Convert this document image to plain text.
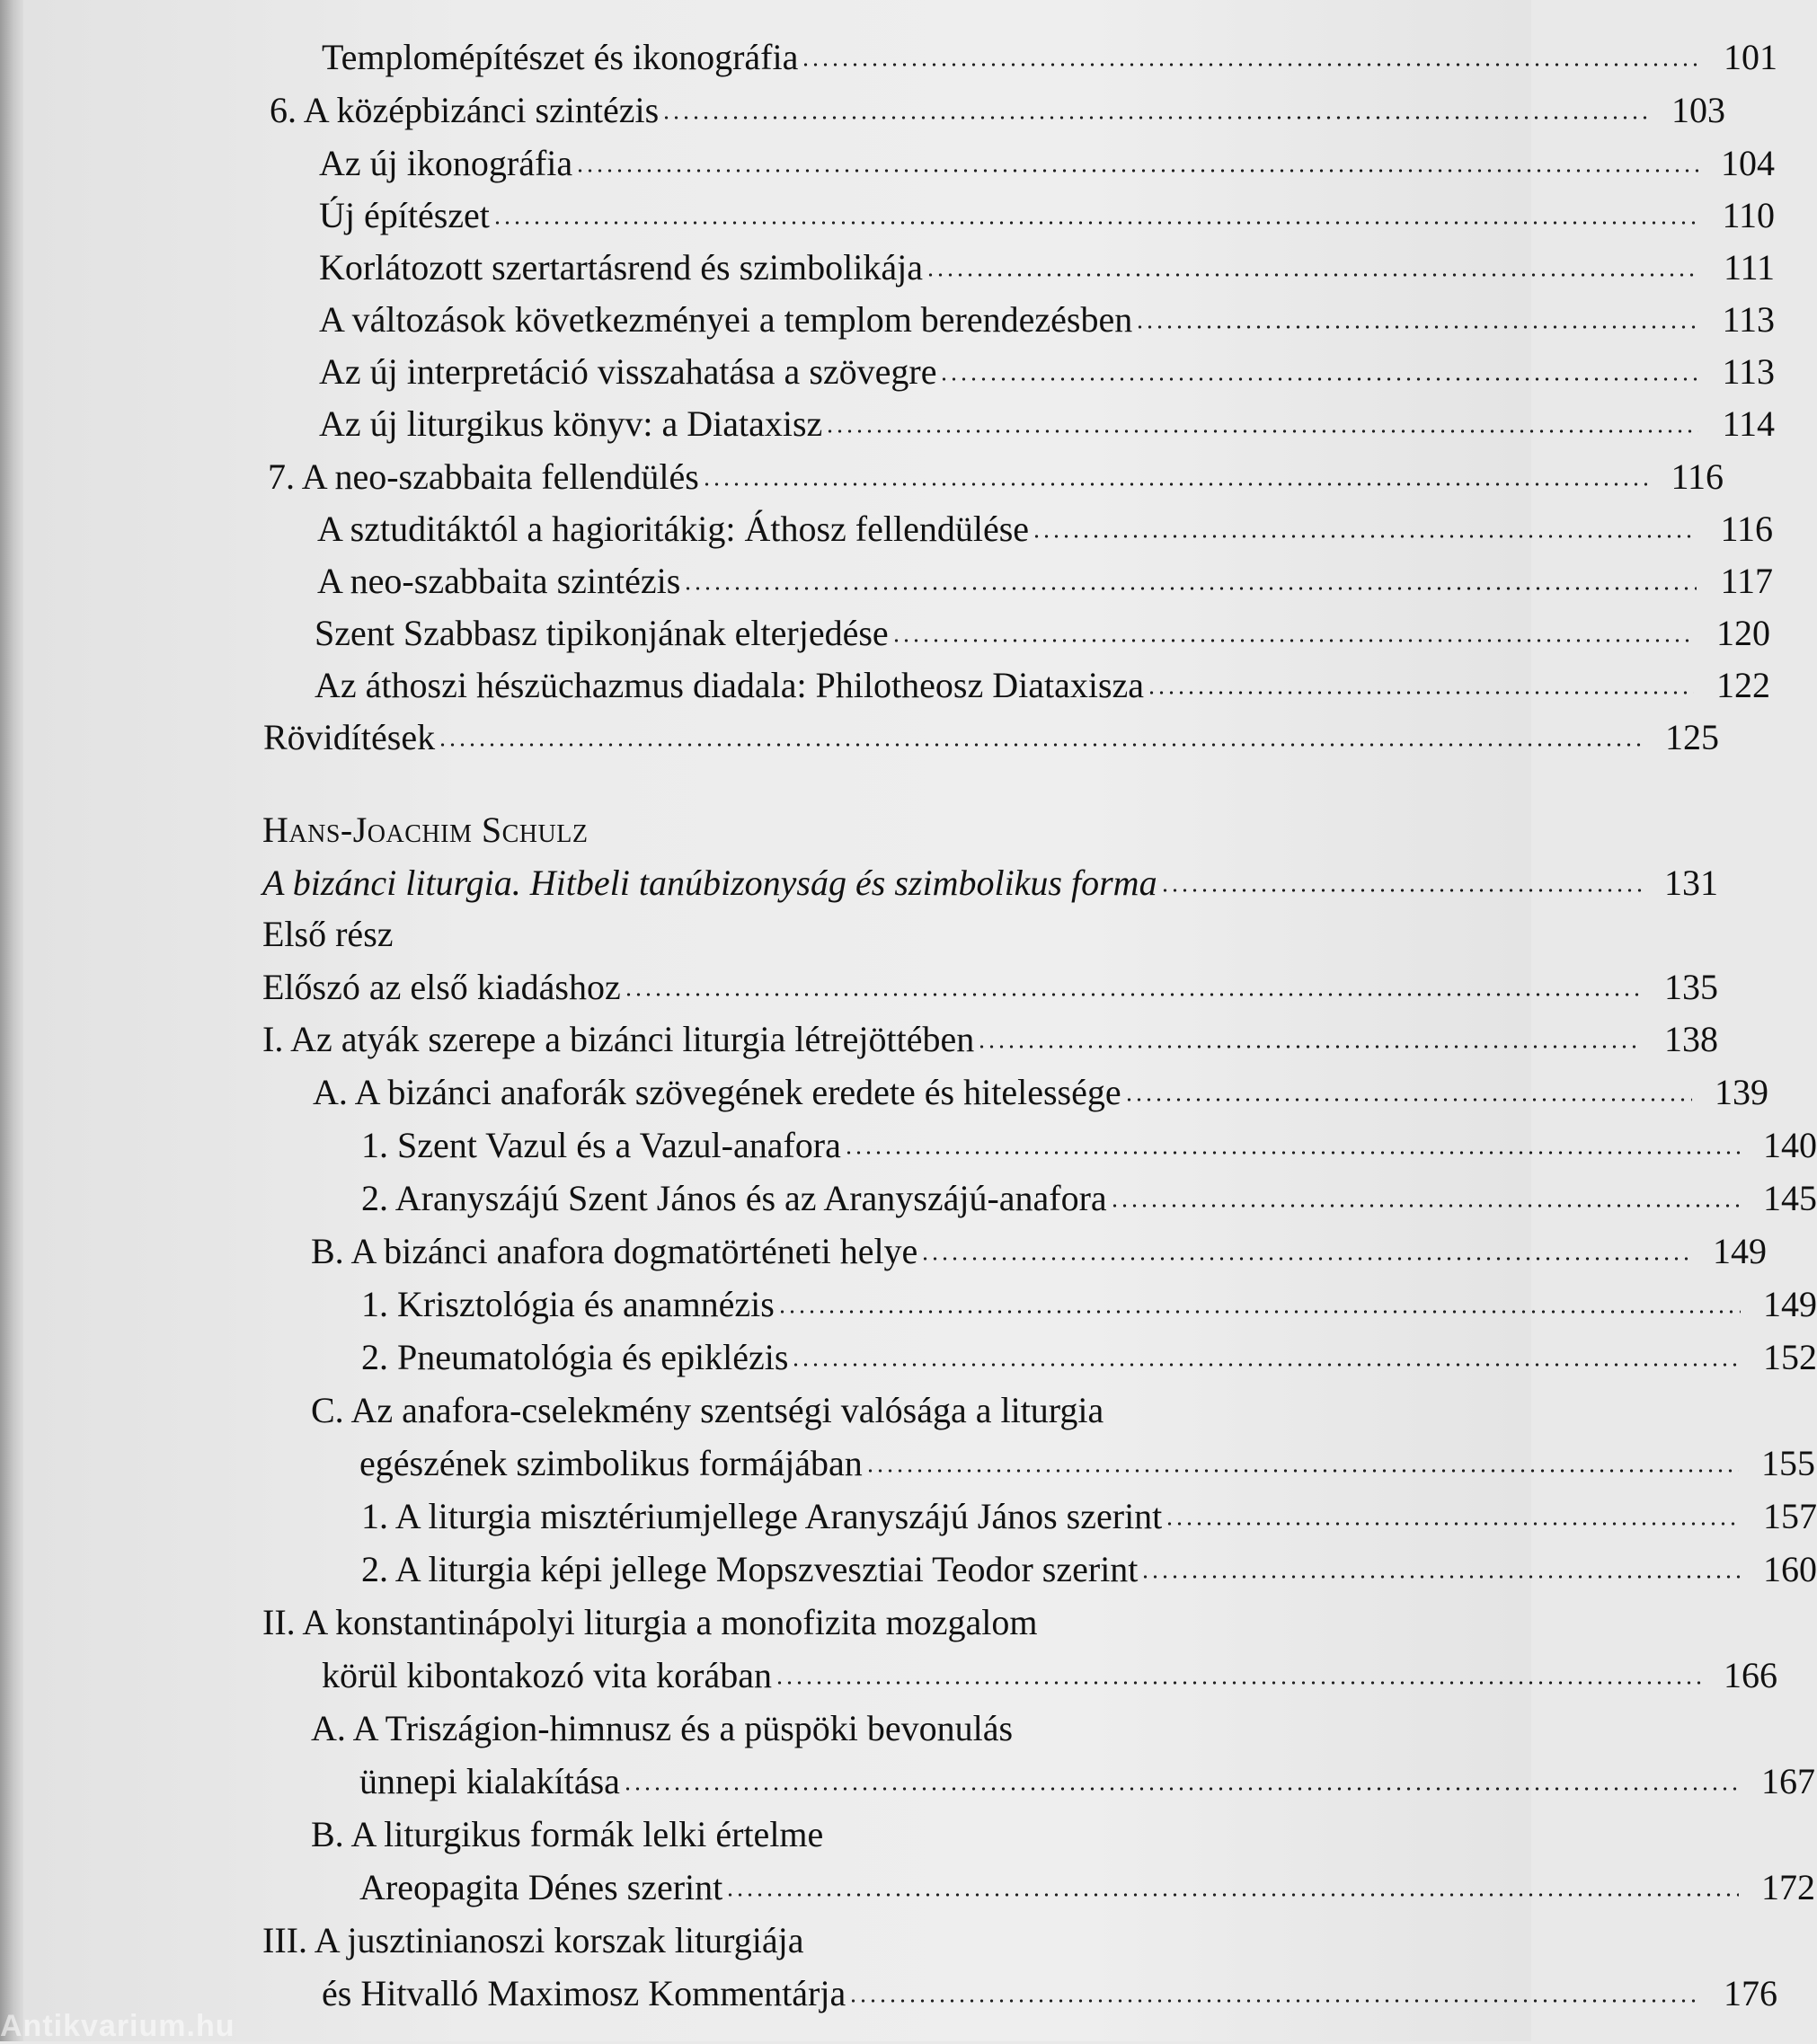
Templomépítészet és ikonográfia	101
6. A középbizánci szintézis	103
Az új ikonográfia	104
Új építészet	110
Korlátozott szertartásrend és szimbolikája	111
A változások következményei a templom berendezésben	113
Az új interpretáció visszahatása a szövegre	113
Az új liturgikus könyv: a Diataxisz	114
7. A neo-szabbaita fellendülés	116
A sztuditáktól a hagioritákig: Áthosz fellendülése	116
A neo-szabbaita szintézis	117
Szent Szabbasz tipikonjának elterjedése	120
Az áthoszi hészüchazmus diadala: Philotheosz Diataxisza	122
Rövidítések	125
Hans-Joachim Schulz
A bizánci liturgia. Hitbeli tanúbizonyság és szimbolikus forma	131
Első rész
Előszó az első kiadáshoz	135
I. Az atyák szerepe a bizánci liturgia létrejöttében	138
A. A bizánci anaforák szövegének eredete és hitelessége	139
1. Szent Vazul és a Vazul-anafora	140
2. Aranyszájú Szent János és az Aranyszájú-anafora	145
B. A bizánci anafora dogmatörténeti helye	149
1. Krisztológia és anamnézis	149
2. Pneumatológia és epiklézis	152
C. Az anafora-cselekmény szentségi valósága a liturgia
egészének szimbolikus formájában	155
1. A liturgia misztériumjellege Aranyszájú János szerint	157
2. A liturgia képi jellege Mopszvesztiai Teodor szerint	160
II. A konstantinápolyi liturgia a monofizita mozgalom
körül kibontakozó vita korában	166
A. A Triszágion-himnusz és a püspöki bevonulás
ünnepi kialakítása	167
B. A liturgikus formák lelki értelme
Areopagita Dénes szerint	172
III. A jusztinianoszi korszak liturgiája
és Hitvalló Maximosz Kommentárja	176
Antikvarium.hu
